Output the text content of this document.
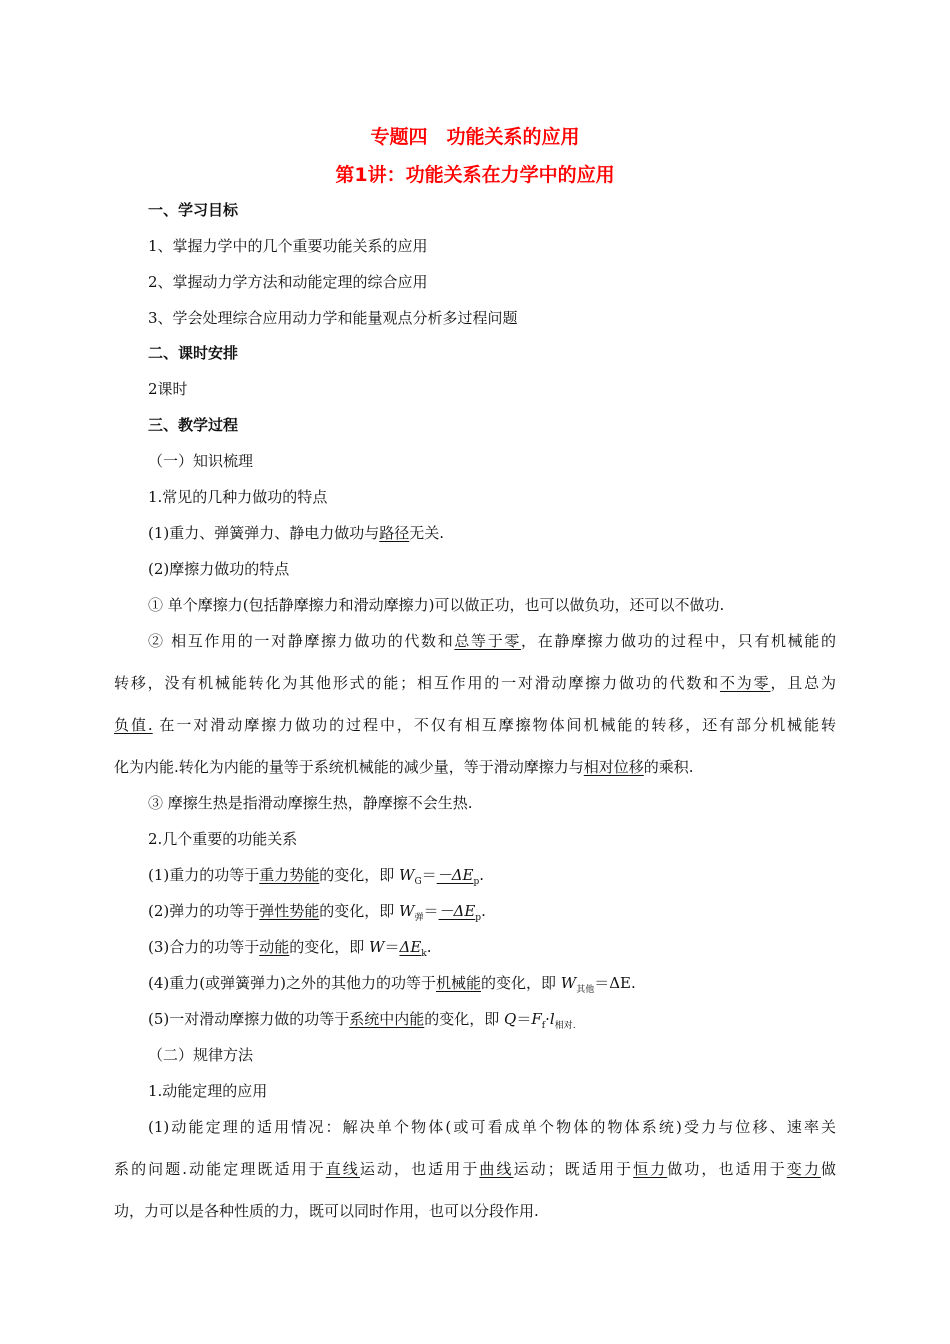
专题四　功能关系的应用

第1讲：功能关系在力学中的应用

一、学习目标

1、掌握力学中的几个重要功能关系的应用

2、掌握动力学方法和动能定理的综合应用

3、学会处理综合应用动力学和能量观点分析多过程问题

二、课时安排

2课时

三、教学过程

（一）知识梳理

1.常见的几种力做功的特点

(1)重力、弹簧弹力、静电力做功与路径无关.

(2)摩擦力做功的特点

① 单个摩擦力(包括静摩擦力和滑动摩擦力)可以做正功，也可以做负功，还可以不做功.

② 相互作用的一对静摩擦力做功的代数和总等于零，在静摩擦力做功的过程中，只有机械能的

转移，没有机械能转化为其他形式的能；相互作用的一对滑动摩擦力做功的代数和不为零，且总为

负值. 在一对滑动摩擦力做功的过程中，不仅有相互摩擦物体间机械能的转移，还有部分机械能转

化为内能.转化为内能的量等于系统机械能的减少量，等于滑动摩擦力与相对位移的乘积.

③ 摩擦生热是指滑动摩擦生热，静摩擦不会生热.

2.几个重要的功能关系

(1)重力的功等于重力势能的变化，即 $W_G=-\Delta E_p$.

(2)弹力的功等于弹性势能的变化，即 $W_弹=-\Delta E_p$.

(3)合力的功等于动能的变化，即 $W=\Delta E_k$.

(4)重力(或弹簧弹力)之外的其他力的功等于机械能的变化，即 $W_{其他}=\Delta E$.

(5)一对滑动摩擦力做的功等于系统中内能的变化，即 $Q=F_f\cdot l_{相对.}$

（二）规律方法

1.动能定理的应用

(1)动能定理的适用情况：解决单个物体(或可看成单个物体的物体系统)受力与位移、速率关

系的问题.动能定理既适用于直线运动，也适用于曲线运动；既适用于恒力做功，也适用于变力做

功，力可以是各种性质的力，既可以同时作用，也可以分段作用.
